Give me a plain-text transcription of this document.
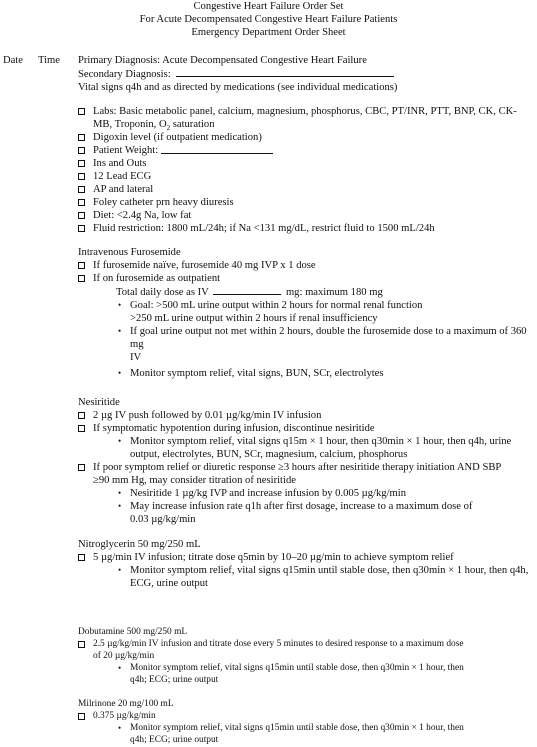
Congestive Heart Failure Order Set
For Acute Decompensated Congestive Heart Failure Patients
Emergency Department Order Sheet
Date Time Primary Diagnosis: Acute Decompensated Congestive Heart Failure
Secondary Diagnosis:
Vital signs q4h and as directed by medications (see individual medications)
Labs: Basic metabolic panel, calcium, magnesium, phosphorus, CBC, PT/INR, PTT, BNP, CK, CK-
MB, Troponin, $O_2$ saturation
Digoxin level (if outpatient medication)
Patient Weight:
Ins and Outs
12 Lead ECG
AP and lateral
Foley catheter prn heavy diuresis
Diet: <2.4g Na, low fat
Fluid restriction: 1800 mL/24h; if Na <131 mg/dL, restrict fluid to 1500 mL/24h
Intravenous Furosemide
If furosemide naïve, furosemide 40 mg IVP x 1 dose
If on furosemide as outpatient
Total daily dose as IV	mg: maximum 180 mg
• Goal: >500 mL urine output within 2 hours for normal renal function
>250 mL urine output within 2 hours if renal insufficiency
• If goal urine output not met within 2 hours, double the furosemide dose to a maximum of 360 mg
IV
• Monitor symptom relief, vital signs, BUN, SCr, electrolytes
Nesiritide
2 µg IV push followed by 0.01 µg/kg/min IV infusion
If symptomatic hypotention during infusion, discontinue nesiritide
• Monitor symptom relief, vital signs q15m × 1 hour, then q30min × 1 hour, then q4h, urine
output, electrolytes, BUN, SCr, magnesium, calcium, phosphorus
If poor symptom relief or diuretic response ≥3 hours after nesiritide therapy initiation AND SBP
≥90 mm Hg, may consider titration of nesiritide
• Nesiritide 1 µg/kg IVP and increase infusion by 0.005 µg/kg/min
• May increase infusion rate q1h after first dosage, increase to a maximum dose of
0.03 µg/kg/min
Nitroglycerin 50 mg/250 mL
5 µg/min IV infusion; titrate dose q5min by 10–20 µg/min to achieve symptom relief
• Monitor symptom relief, vital signs q15min until stable dose, then q30min × 1 hour, then q4h,
ECG, urine output
Dobutamine 500 mg/250 mL
2.5 µg/kg/min IV infusion and titrate dose every 5 minutes to desired response to a maximum dose
of 20 µg/kg/min
• Monitor symptom relief, vital signs q15min until stable dose, then q30min × 1 hour, then
q4h; ECG; urine output
Milrinone 20 mg/100 mL
0.375 µg/kg/min
• Monitor symptom relief, vital signs q15min until stable dose, then q30min × 1 hour, then
q4h; ECG; urine output
